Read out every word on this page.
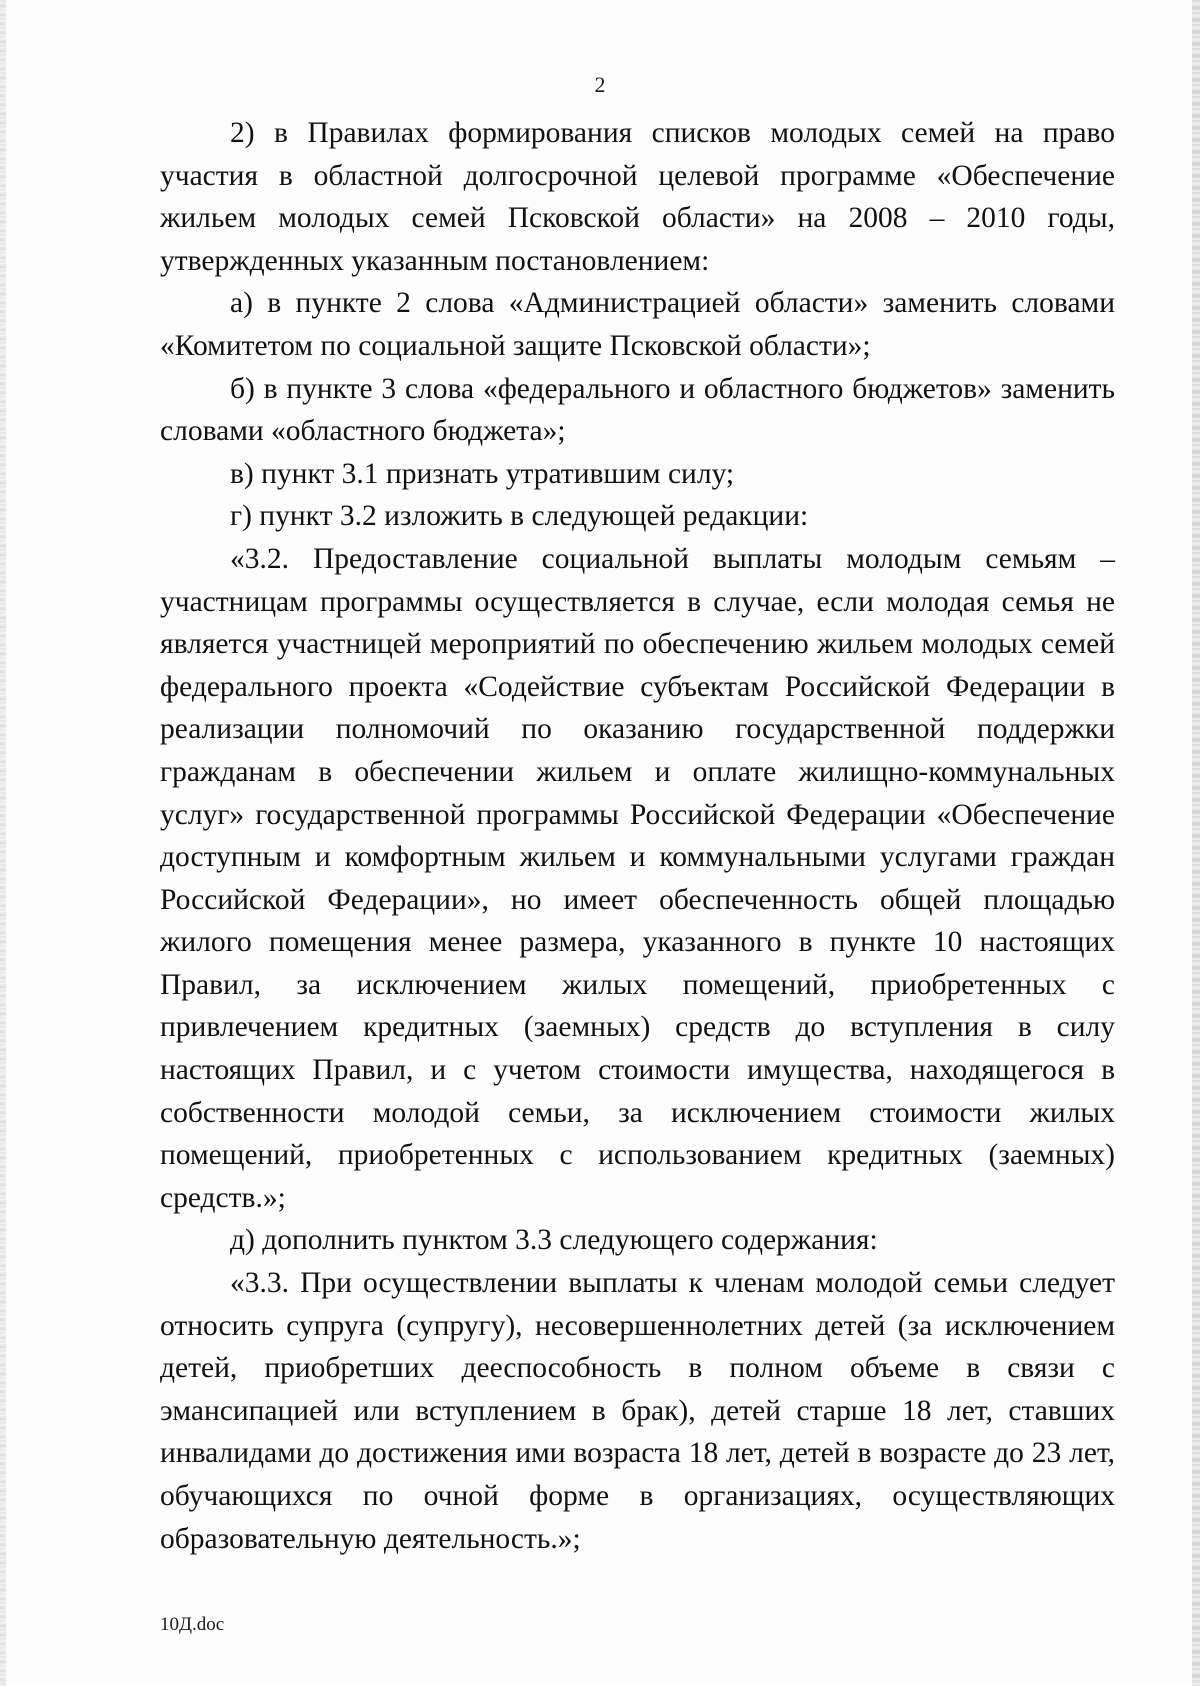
2

2) в Правилах формирования списков молодых семей на право участия в областной долгосрочной целевой программе «Обеспечение жильем молодых семей Псковской области» на 2008 – 2010 годы, утвержденных указанным постановлением:

а) в пункте 2 слова «Администрацией области» заменить словами «Комитетом по социальной защите Псковской области»;

б) в пункте 3 слова «федерального и областного бюджетов» заменить словами «областного бюджета»;

в) пункт 3.1 признать утратившим силу;

г) пункт 3.2 изложить в следующей редакции:

«3.2. Предоставление социальной выплаты молодым семьям – участницам программы осуществляется в случае, если молодая семья не является участницей мероприятий по обеспечению жильем молодых семей федерального проекта «Содействие субъектам Российской Федерации в реализации полномочий по оказанию государственной поддержки гражданам в обеспечении жильем и оплате жилищно-коммунальных услуг» государственной программы Российской Федерации «Обеспечение доступным и комфортным жильем и коммунальными услугами граждан Российской Федерации», но имеет обеспеченность общей площадью жилого помещения менее размера, указанного в пункте 10 настоящих Правил, за исключением жилых помещений, приобретенных с привлечением кредитных (заемных) средств до вступления в силу настоящих Правил, и с учетом стоимости имущества, находящегося в собственности молодой семьи, за исключением стоимости жилых помещений, приобретенных с использованием кредитных (заемных) средств.»;

д) дополнить пунктом 3.3 следующего содержания:

«3.3. При осуществлении выплаты к членам молодой семьи следует относить супруга (супругу), несовершеннолетних детей (за исключением детей, приобретших дееспособность в полном объеме в связи с эмансипацией или вступлением в брак), детей старше 18 лет, ставших инвалидами до достижения ими возраста 18 лет, детей в возрасте до 23 лет, обучающихся по очной форме в организациях, осуществляющих образовательную деятельность.»;

10Д.doc
